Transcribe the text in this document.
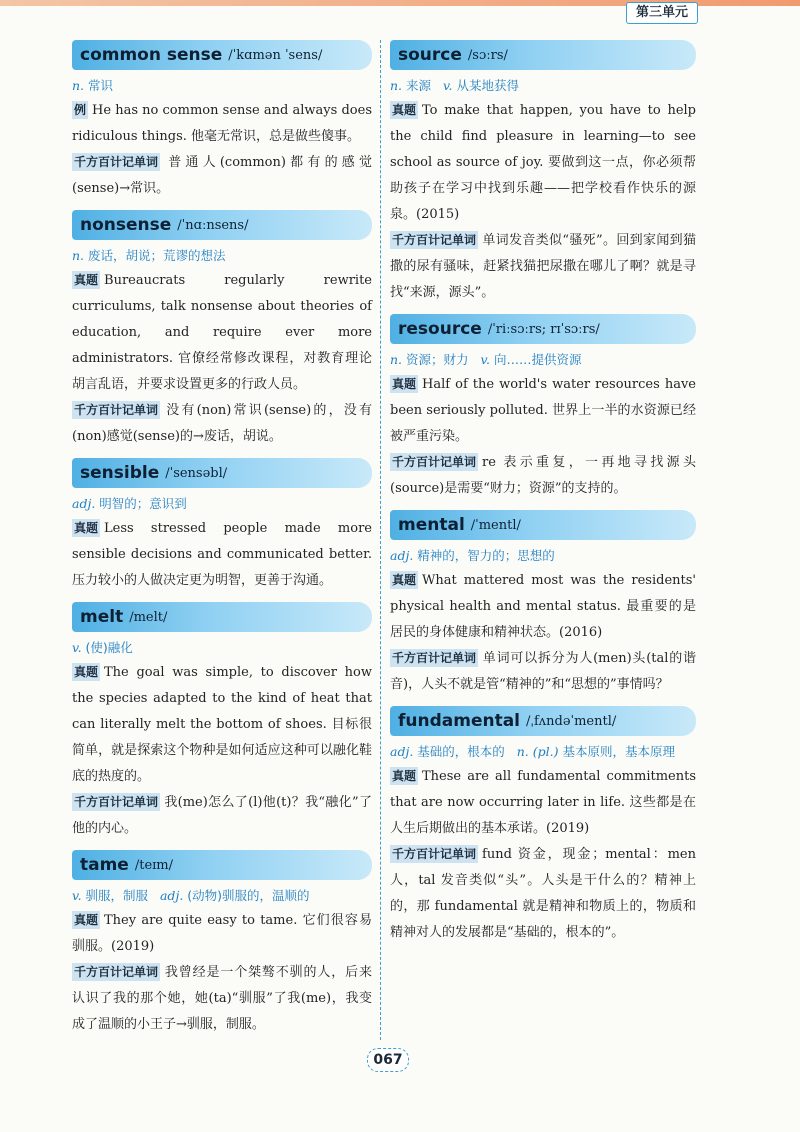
第三单元
common sense /ˈkɑmən ˈsens/

n. 常识

例 He has no common sense and always does ridiculous things. 他毫无常识，总是做些傻事。

千方百计记单词 普通人(common)都有的感觉(sense)→常识。

nonsense /ˈnɑːnsens/

n. 废话，胡说；荒谬的想法

真题 Bureaucrats regularly rewrite curriculums, talk nonsense about theories of education, and require ever more administrators. 官僚经常修改课程，对教育理论胡言乱语，并要求设置更多的行政人员。

千方百计记单词 没有(non)常识(sense)的，没有(non)感觉(sense)的→废话，胡说。

sensible /ˈsensəbl/

adj. 明智的；意识到

真题 Less stressed people made more sensible decisions and communicated better. 压力较小的人做决定更为明智，更善于沟通。

melt /melt/

v. (使)融化

真题 The goal was simple, to discover how the species adapted to the kind of heat that can literally melt the bottom of shoes. 目标很简单，就是探索这个物种是如何适应这种可以融化鞋底的热度的。

千方百计记单词 我(me)怎么了(l)他(t)？我“融化”了他的内心。

tame /teɪm/

v. 驯服，制服 adj. (动物)驯服的，温顺的

真题 They are quite easy to tame. 它们很容易驯服。(2019)

千方百计记单词 我曾经是一个桀骜不驯的人，后来认识了我的那个她，她(ta)“驯服”了我(me)，我变成了温顺的小王子→驯服，制服。

source /sɔːrs/

n. 来源 v. 从某地获得

真题 To make that happen, you have to help the child find pleasure in learning—to see school as source of joy. 要做到这一点，你必须帮助孩子在学习中找到乐趣——把学校看作快乐的源泉。(2015)

千方百计记单词 单词发音类似“骚死”。回到家闻到猫撒的尿有骚味，赶紧找猫把尿撒在哪儿了啊？就是寻找“来源，源头”。

resource /ˈriːsɔːrs; rɪˈsɔːrs/

n. 资源；财力 v. 向……提供资源

真题 Half of the world's water resources have been seriously polluted. 世界上一半的水资源已经被严重污染。

千方百计记单词 re 表示重复，一再地寻找源头(source)是需要“财力；资源”的支持的。

mental /ˈmentl/

adj. 精神的，智力的；思想的

真题 What mattered most was the residents' physical health and mental status. 最重要的是居民的身体健康和精神状态。(2016)

千方百计记单词 单词可以拆分为人(men)头(tal的谐音)，人头不就是管“精神的”和“思想的”事情吗？

fundamental /ˌfʌndəˈmentl/

adj. 基础的，根本的 n. (pl.) 基本原则，基本原理

真题 These are all fundamental commitments that are now occurring later in life. 这些都是在人生后期做出的基本承诺。(2019)

千方百计记单词 fund 资金，现金；mental：men 人，tal 发音类似“头”。人头是干什么的？精神上的，那 fundamental 就是精神和物质上的，物质和精神对人的发展都是“基础的，根本的”。

067
